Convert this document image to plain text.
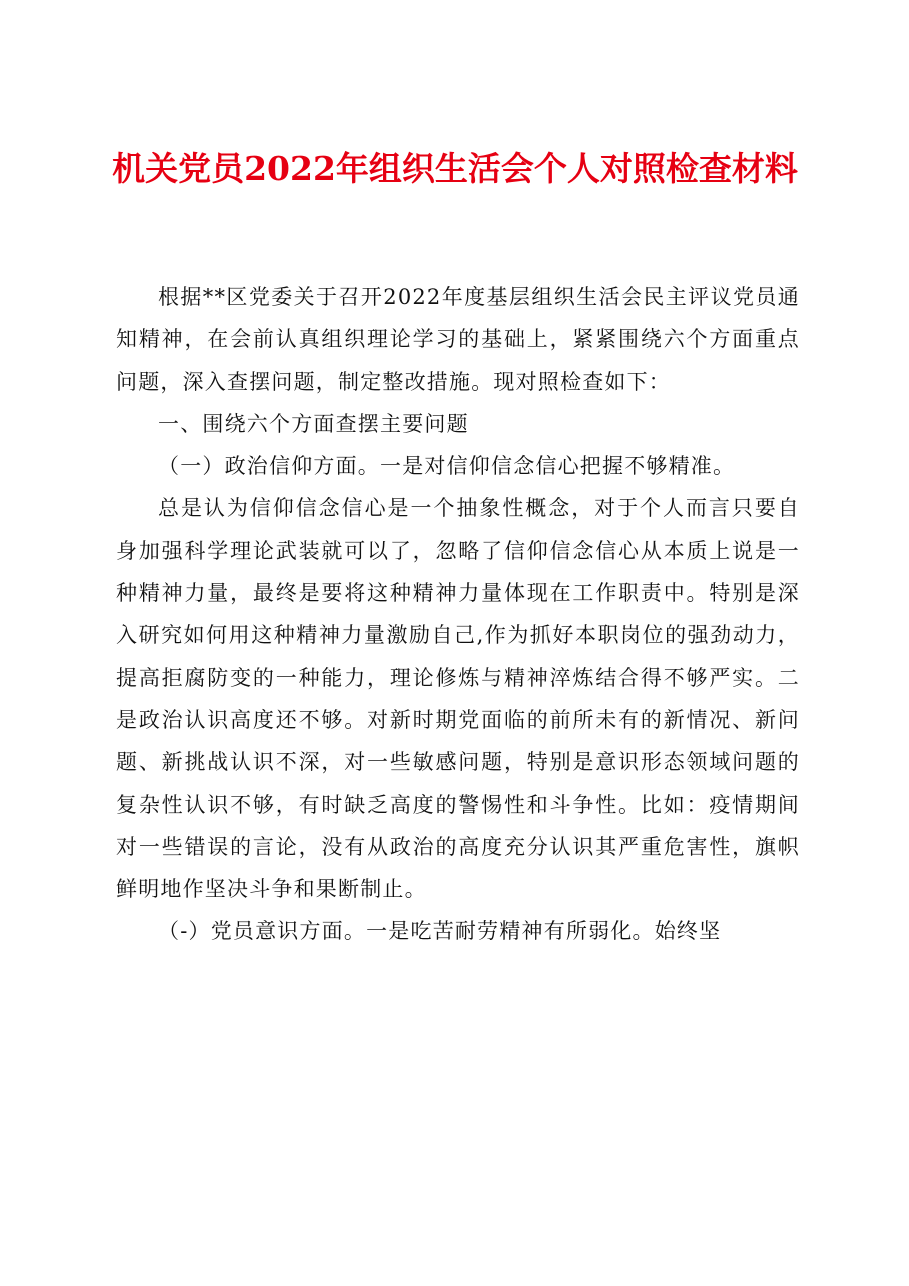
机关党员2022年组织生活会个人对照检查材料

根据**区党委关于召开2022年度基层组织生活会民主评议党员通知精神，在会前认真组织理论学习的基础上，紧紧围绕六个方面重点问题，深入查摆问题，制定整改措施。现对照检查如下：

一、围绕六个方面查摆主要问题

（一）政治信仰方面。一是对信仰信念信心把握不够精准。

总是认为信仰信念信心是一个抽象性概念，对于个人而言只要自身加强科学理论武装就可以了，忽略了信仰信念信心从本质上说是一种精神力量，最终是要将这种精神力量体现在工作职责中。特别是深入研究如何用这种精神力量激励自己,作为抓好本职岗位的强劲动力，提高拒腐防变的一种能力，理论修炼与精神淬炼结合得不够严实。二是政治认识高度还不够。对新时期党面临的前所未有的新情况、新问题、新挑战认识不深，对一些敏感问题，特别是意识形态领域问题的复杂性认识不够，有时缺乏高度的警惕性和斗争性。比如：疫情期间对一些错误的言论，没有从政治的高度充分认识其严重危害性，旗帜鲜明地作坚决斗争和果断制止。

（-）党员意识方面。一是吃苦耐劳精神有所弱化。始终坚
